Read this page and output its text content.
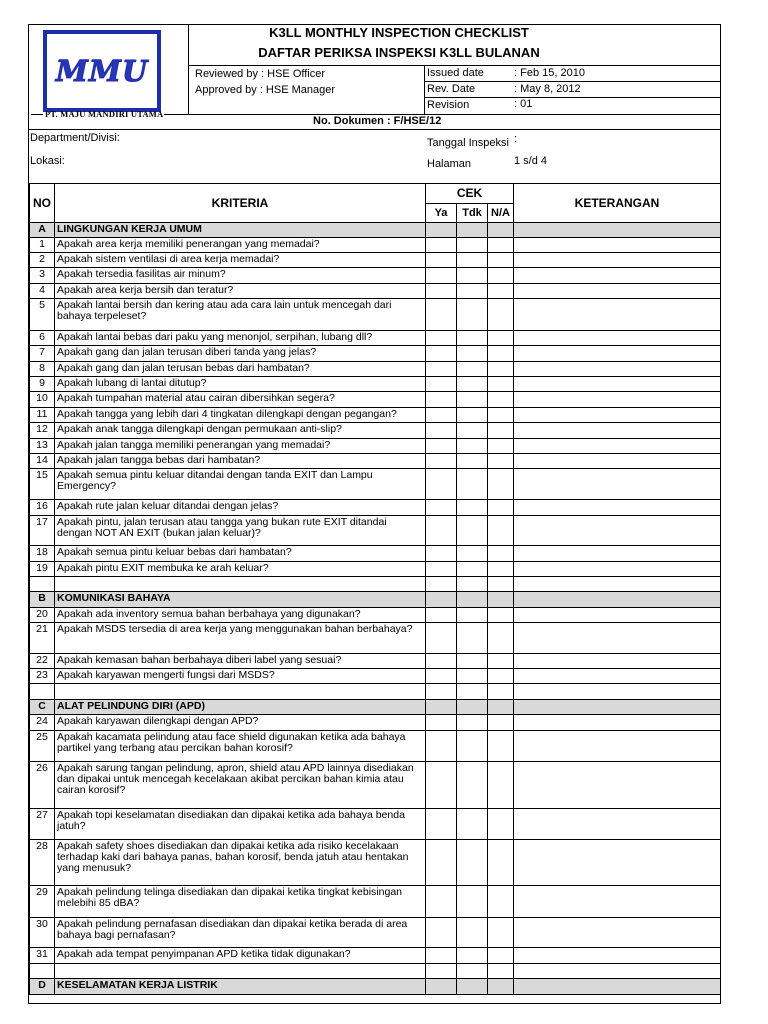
MMU
PT. MAJU MANDIRI UTAMA
K3LL MONTHLY INSPECTION CHECKLIST
DAFTAR PERIKSA INSPEKSI K3LL BULANAN
Reviewed by : HSE Officer
Approved by : HSE Manager
Issued date	: Feb 15, 2010
Rev. Date	: May 8, 2012
Revision	: 01
No. Dokumen : F/HSE/12
Department/Divisi:
Lokasi:
Tanggal Inspeksi :
Halaman	1 s/d 4
NO	KRITERIA	CEK			KETERANGAN
		Ya	Tdk	N/A	
A	LINGKUNGAN KERJA UMUM				
1	Apakah area kerja memiliki penerangan yang memadai?				
2	Apakah sistem ventilasi di area kerja memadai?				
3	Apakah tersedia fasilitas air minum?				
4	Apakah area kerja bersih dan teratur?				
5	Apakah lantai bersih dan kering atau ada cara lain untuk mencegah dari bahaya terpeleset?				
6	Apakah lantai bebas dari paku yang menonjol, serpihan, lubang dll?				
7	Apakah gang dan jalan terusan diberi tanda yang jelas?				
8	Apakah gang dan jalan terusan bebas dari hambatan?				
9	Apakah lubang di lantai ditutup?				
10	Apakah tumpahan material atau cairan dibersihkan segera?				
11	Apakah tangga yang lebih dari 4 tingkatan dilengkapi dengan pegangan?				
12	Apakah anak tangga dilengkapi dengan permukaan anti-slip?				
13	Apakah jalan tangga memiliki penerangan yang memadai?				
14	Apakah jalan tangga bebas dari hambatan?				
15	Apakah semua pintu keluar ditandai dengan tanda EXIT dan Lampu Emergency?				
16	Apakah rute jalan keluar ditandai dengan jelas?				
17	Apakah pintu, jalan terusan atau tangga yang bukan rute EXIT ditandai dengan NOT AN EXIT (bukan jalan keluar)?				
18	Apakah semua pintu keluar bebas dari hambatan?				
19	Apakah pintu EXIT membuka ke arah keluar?				

B	KOMUNIKASI BAHAYA				
20	Apakah ada inventory semua bahan berbahaya yang digunakan?				
21	Apakah MSDS tersedia di area kerja yang menggunakan bahan berbahaya?				
22	Apakah kemasan bahan berbahaya diberi label yang sesuai?				
23	Apakah karyawan mengerti fungsi dari MSDS?				

C	ALAT PELINDUNG DIRI (APD)				
24	Apakah karyawan dilengkapi dengan APD?				
25	Apakah kacamata pelindung atau face shield digunakan ketika ada bahaya partikel yang terbang atau percikan bahan korosif?				
26	Apakah sarung tangan pelindung, apron, shield atau APD lainnya disediakan dan dipakai untuk mencegah kecelakaan akibat percikan bahan kimia atau cairan korosif?				
27	Apakah topi keselamatan disediakan dan dipakai ketika ada bahaya benda jatuh?				
28	Apakah safety shoes disediakan dan dipakai ketika ada risiko kecelakaan terhadap kaki dari bahaya panas, bahan korosif, benda jatuh atau hentakan yang menusuk?				
29	Apakah pelindung telinga disediakan dan dipakai ketika tingkat kebisingan melebihi 85 dBA?				
30	Apakah pelindung pernafasan disediakan dan dipakai ketika berada di area bahaya bagi pernafasan?				
31	Apakah ada tempat penyimpanan APD ketika tidak digunakan?				

D	KESELAMATAN KERJA LISTRIK				
